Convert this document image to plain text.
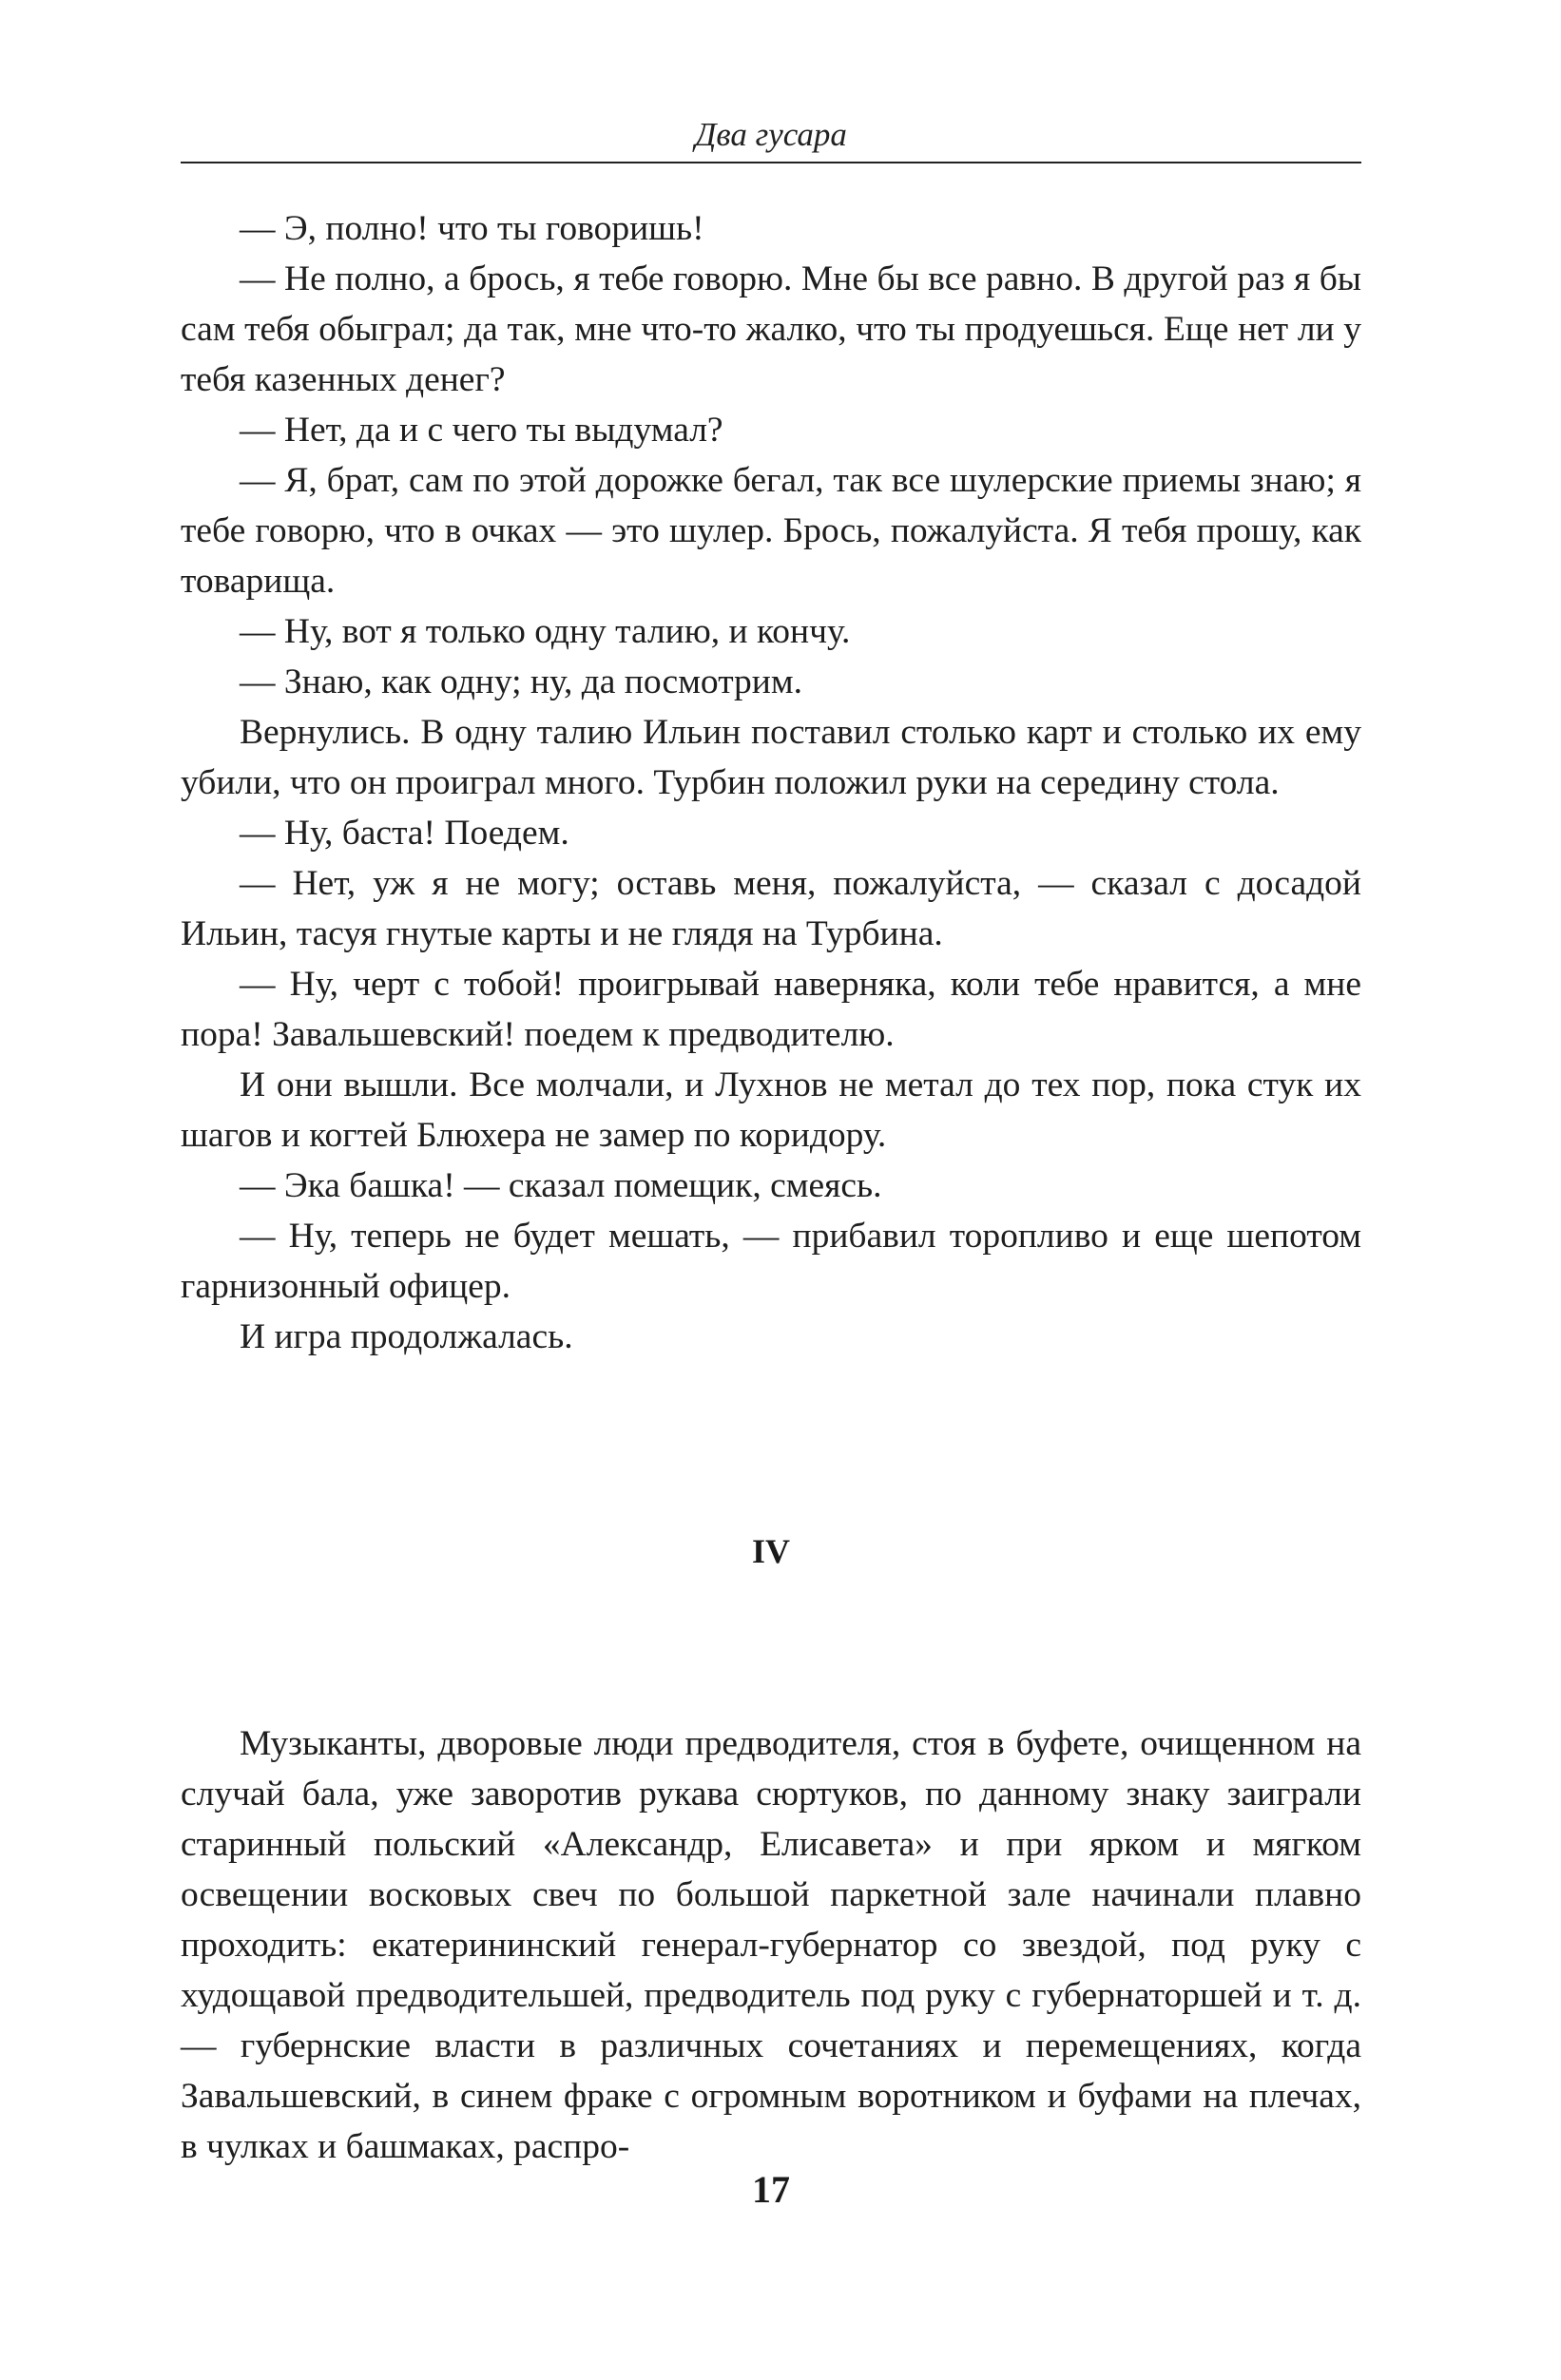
Два гусара

— Э, полно! что ты говоришь!

— Не полно, а брось, я тебе говорю. Мне бы все равно. В другой раз я бы сам тебя обыграл; да так, мне что-то жалко, что ты продуешься. Еще нет ли у тебя казенных денег?

— Нет, да и с чего ты выдумал?

— Я, брат, сам по этой дорожке бегал, так все шулерские приемы знаю; я тебе говорю, что в очках — это шулер. Брось, пожалуйста. Я тебя прошу, как товарища.

— Ну, вот я только одну талию, и кончу.

— Знаю, как одну; ну, да посмотрим.

Вернулись. В одну талию Ильин поставил столько карт и столько их ему убили, что он проиграл много. Турбин положил руки на середину стола.

— Ну, баста! Поедем.

— Нет, уж я не могу; оставь меня, пожалуйста, — сказал с досадой Ильин, тасуя гнутые карты и не глядя на Турбина.

— Ну, черт с тобой! проигрывай наверняка, коли тебе нравится, а мне пора! Завальшевский! поедем к предводителю.

И они вышли. Все молчали, и Лухнов не метал до тех пор, пока стук их шагов и когтей Блюхера не замер по коридору.

— Эка башка! — сказал помещик, смеясь.

— Ну, теперь не будет мешать, — прибавил торопливо и еще шепотом гарнизонный офицер.

И игра продолжалась.

IV

Музыканты, дворовые люди предводителя, стоя в буфете, очищенном на случай бала, уже заворотив рукава сюртуков, по данному знаку заиграли старинный польский «Александр, Елисавета» и при ярком и мягком освещении восковых свеч по большой паркетной зале начинали плавно проходить: екатерининский генерал-губернатор со звездой, под руку с худощавой предводительшей, предводитель под руку с губернаторшей и т. д. — губернские власти в различных сочетаниях и перемещениях, когда Завальшевский, в синем фраке с огромным воротником и буфами на плечах, в чулках и башмаках, распро-

17
